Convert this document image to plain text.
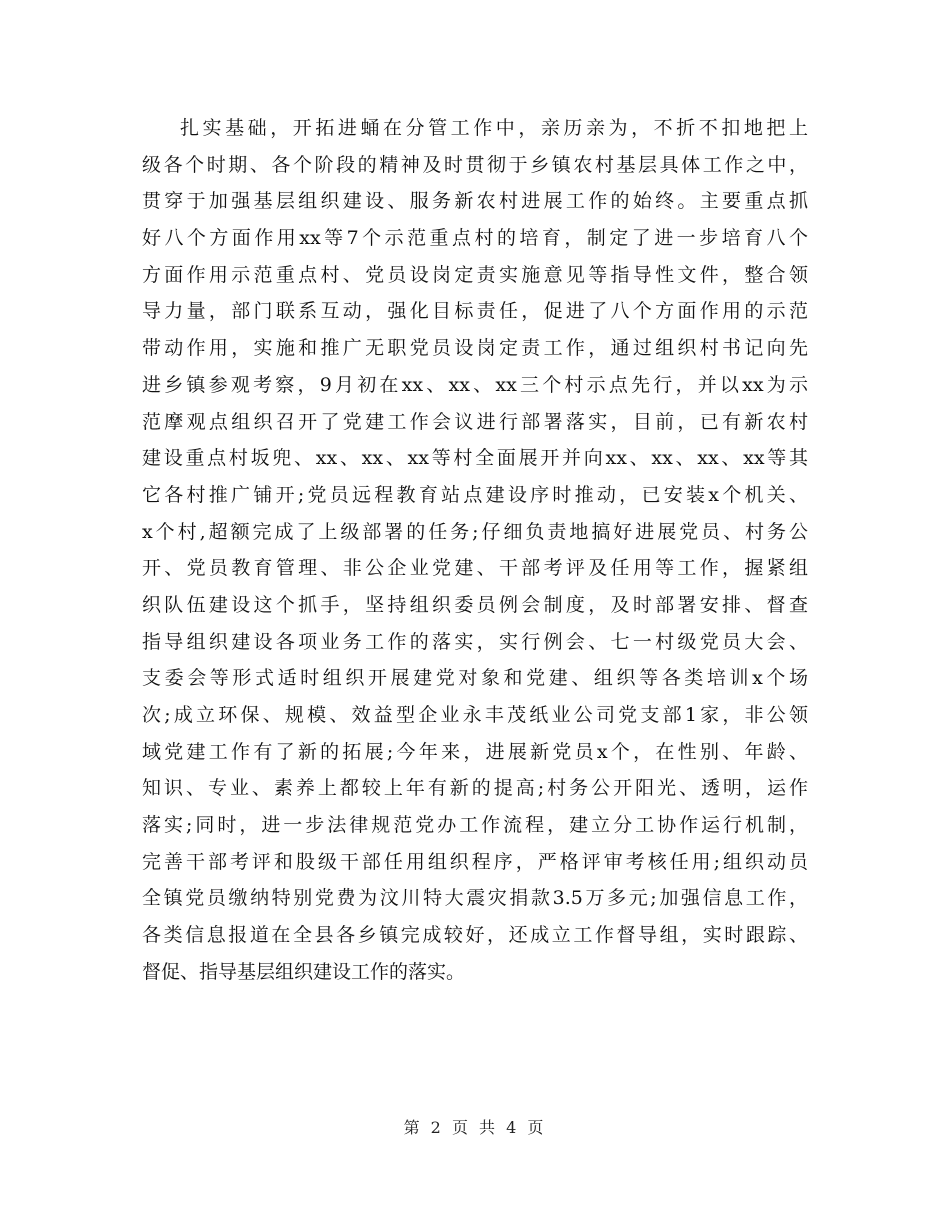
扎实基础，开拓进蛹在分管工作中，亲历亲为，不折不扣地把上
级各个时期、各个阶段的精神及时贯彻于乡镇农村基层具体工作之中，
贯穿于加强基层组织建设、服务新农村进展工作的始终。主要重点抓
好八个方面作用xx等7个示范重点村的培育，制定了进一步培育八个
方面作用示范重点村、党员设岗定责实施意见等指导性文件，整合领
导力量，部门联系互动，强化目标责任，促进了八个方面作用的示范
带动作用，实施和推广无职党员设岗定责工作，通过组织村书记向先
进乡镇参观考察，9月初在xx、xx、xx三个村示点先行，并以xx为示
范摩观点组织召开了党建工作会议进行部署落实，目前，已有新农村
建设重点村坂兜、xx、xx、xx等村全面展开并向xx、xx、xx、xx等其
它各村推广铺开;党员远程教育站点建设序时推动，已安装x个机关、
x个村,超额完成了上级部署的任务;仔细负责地搞好进展党员、村务公
开、党员教育管理、非公企业党建、干部考评及任用等工作，握紧组
织队伍建设这个抓手，坚持组织委员例会制度，及时部署安排、督查
指导组织建设各项业务工作的落实，实行例会、七一村级党员大会、
支委会等形式适时组织开展建党对象和党建、组织等各类培训x个场
次;成立环保、规模、效益型企业永丰茂纸业公司党支部1家，非公领
域党建工作有了新的拓展;今年来，进展新党员x个，在性别、年龄、
知识、专业、素养上都较上年有新的提高;村务公开阳光、透明，运作
落实;同时，进一步法律规范党办工作流程，建立分工协作运行机制，
完善干部考评和股级干部任用组织程序，严格评审考核任用;组织动员
全镇党员缴纳特别党费为汶川特大震灾捐款3.5万多元;加强信息工作，
各类信息报道在全县各乡镇完成较好，还成立工作督导组，实时跟踪、
督促、指导基层组织建设工作的落实。
第 2 页 共 4 页
